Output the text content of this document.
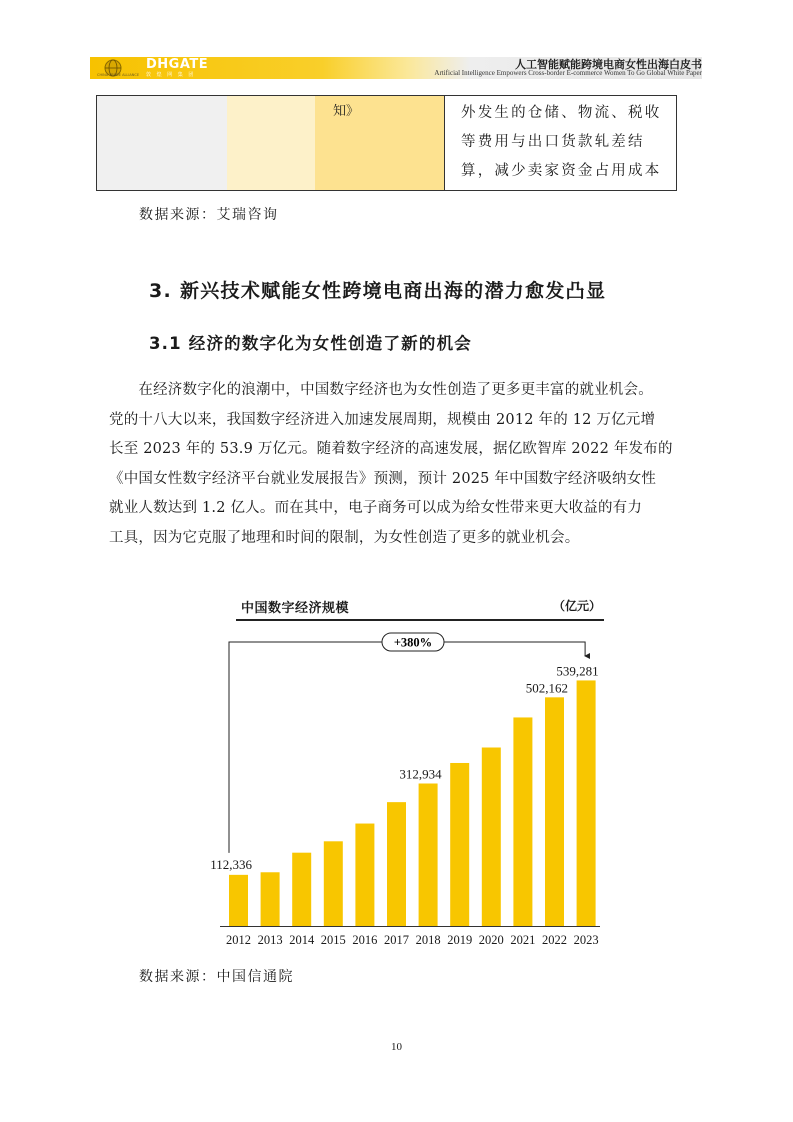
CHINA TRADE ALLIANCE
DHGATE
敦 煌 网 集 团
人工智能赋能跨境电商女性出海白皮书
Artificial Intelligence Empowers Cross-border E-commerce Women To Go Global White Paper
知》	外发生的仓储、物流、税收
等费用与出口货款轧差结
算，减少卖家资金占用成本
数据来源：艾瑞咨询
3. 新兴技术赋能女性跨境电商出海的潜力愈发凸显
3.1 经济的数字化为女性创造了新的机会
　　在经济数字化的浪潮中，中国数字经济也为女性创造了更多更丰富的就业机会。
党的十八大以来，我国数字经济进入加速发展周期，规模由 2012 年的 12 万亿元增
长至 2023 年的 53.9 万亿元。随着数字经济的高速发展，据亿欧智库 2022 年发布的
《中国女性数字经济平台就业发展报告》预测，预计 2025 年中国数字经济吸纳女性
就业人数达到 1.2 亿人。而在其中，电子商务可以成为给女性带来更大收益的有力
工具，因为它克服了地理和时间的限制，为女性创造了更多的就业机会。
中国数字经济规模	（亿元）
112,336
312,934
502,162
539,281
2012 2013 2014 2015 2016 2017 2018 2019 2020 2021 2022 2023
+380%
数据来源：中国信通院
10
